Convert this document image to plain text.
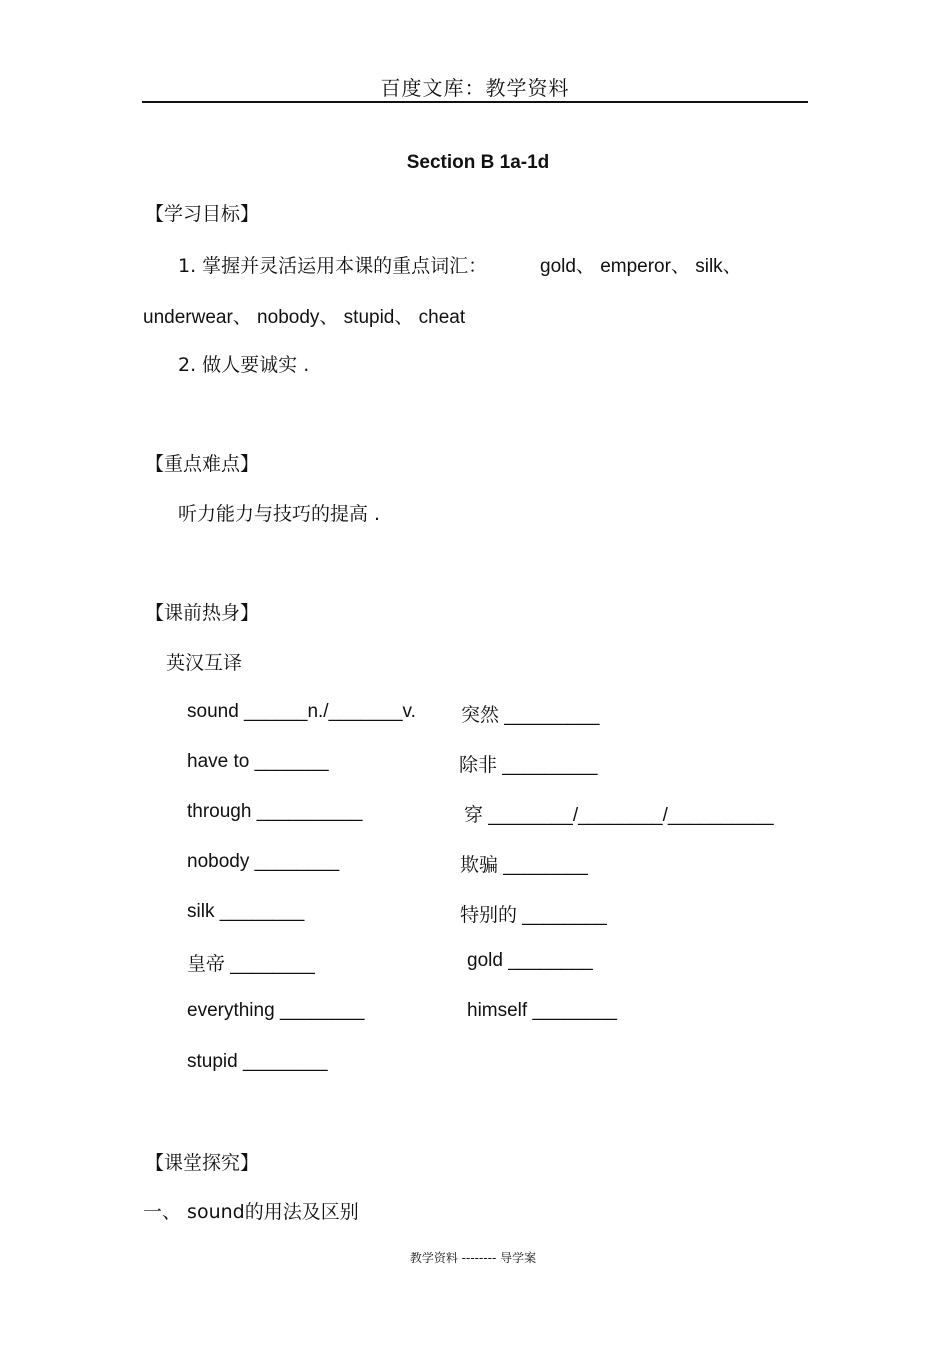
百度文库：教学资料
Section B 1a-1d
【学习目标】
1. 掌握并灵活运用本课的重点词汇：	gold、 emperor、 silk、
underwear、 nobody、 stupid、 cheat
2. 做人要诚实 .
【重点难点】
听力能力与技巧的提高 .
【课前热身】
英汉互译
sound ______n./_______v. 突然 _________
have to _______	除非 _________
through __________	穿 ________/________/__________
nobody ________	欺骗 ________
silk ________	特别的 ________
皇帝 ________	gold ________
everything ________	himself ________
stupid ________
【课堂探究】
一、 sound的用法及区别
教学资料 -------- 导学案
